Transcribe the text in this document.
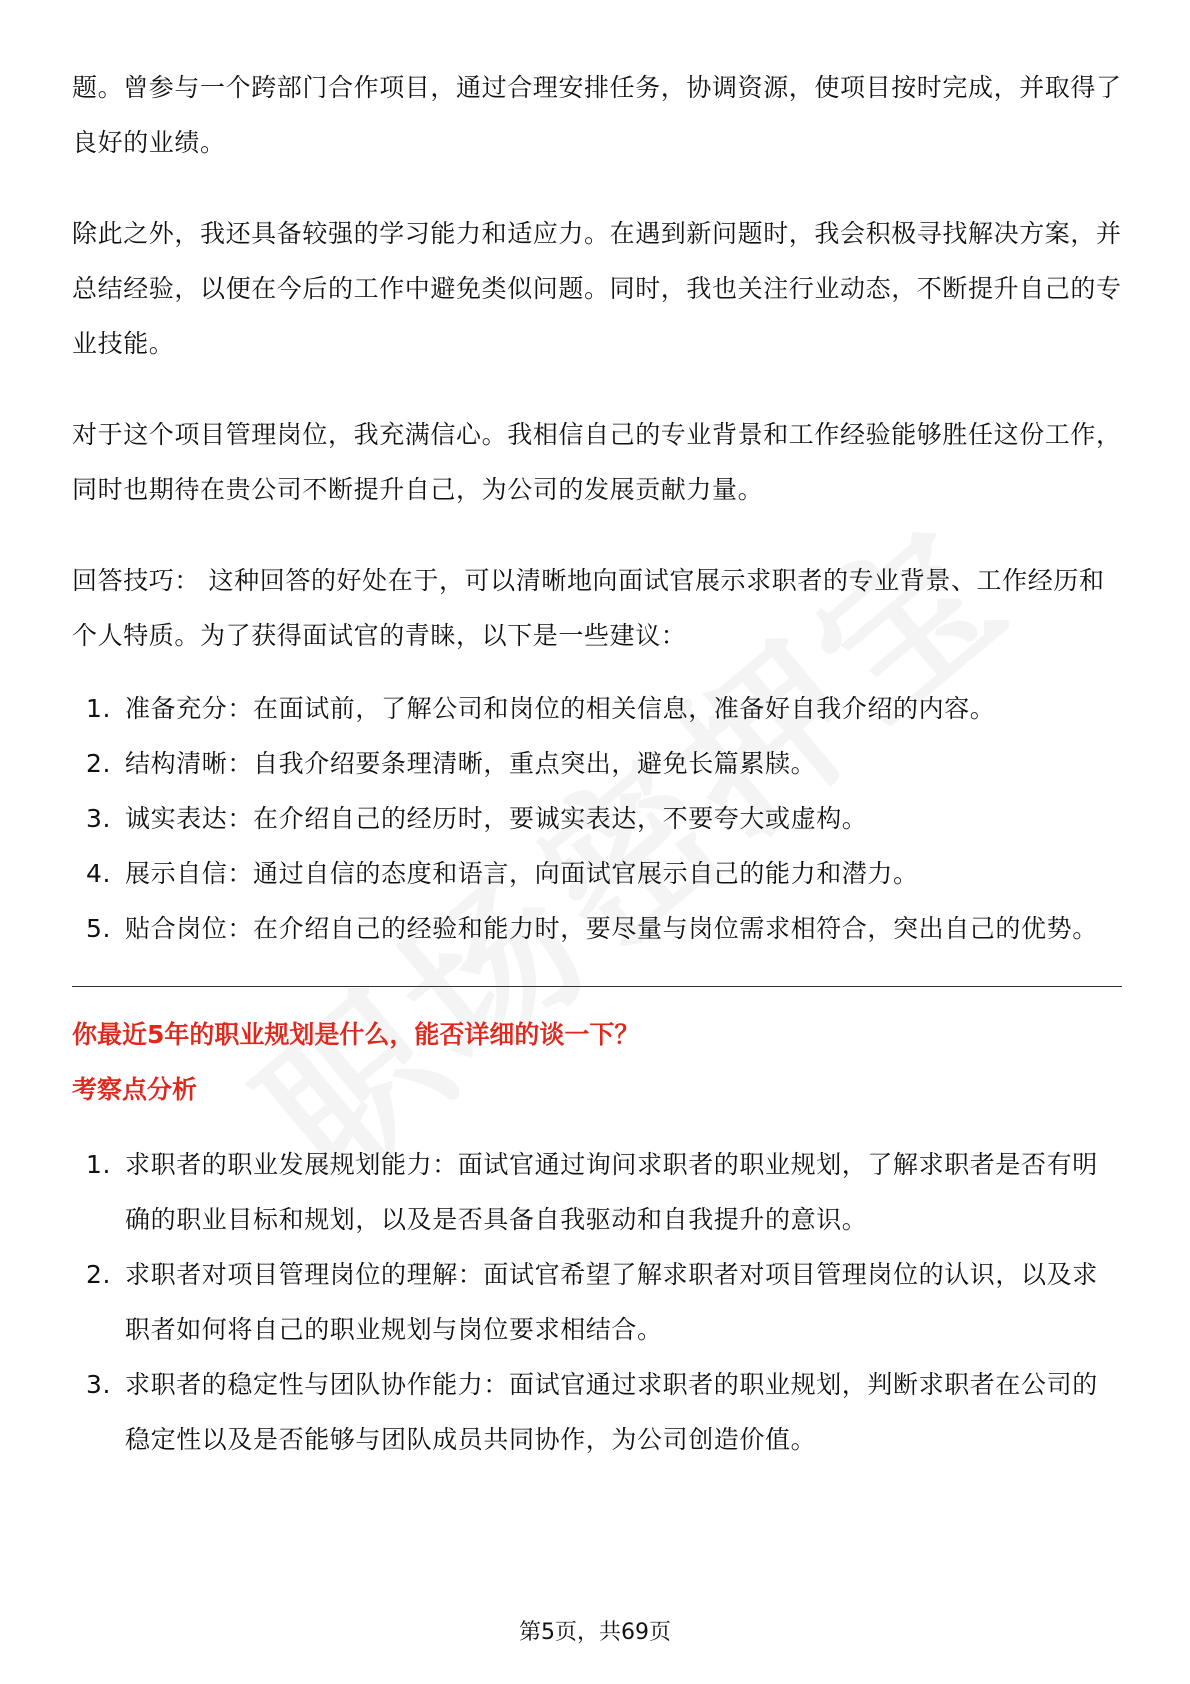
题。曾参与一个跨部门合作项目，通过合理安排任务，协调资源，使项目按时完成，并取得了良好的业绩。

除此之外，我还具备较强的学习能力和适应力。在遇到新问题时，我会积极寻找解决方案，并总结经验，以便在今后的工作中避免类似问题。同时，我也关注行业动态，不断提升自己的专业技能。

对于这个项目管理岗位，我充满信心。我相信自己的专业背景和工作经验能够胜任这份工作，同时也期待在贵公司不断提升自己，为公司的发展贡献力量。

回答技巧： 这种回答的好处在于，可以清晰地向面试官展示求职者的专业背景、工作经历和个人特质。为了获得面试官的青睐，以下是一些建议：

1. 准备充分：在面试前，了解公司和岗位的相关信息，准备好自我介绍的内容。
2. 结构清晰：自我介绍要条理清晰，重点突出，避免长篇累牍。
3. 诚实表达：在介绍自己的经历时，要诚实表达，不要夸大或虚构。
4. 展示自信：通过自信的态度和语言，向面试官展示自己的能力和潜力。
5. 贴合岗位：在介绍自己的经验和能力时，要尽量与岗位需求相符合，突出自己的优势。

你最近5年的职业规划是什么，能否详细的谈一下？

考察点分析

1. 求职者的职业发展规划能力：面试官通过询问求职者的职业规划，了解求职者是否有明确的职业目标和规划，以及是否具备自我驱动和自我提升的意识。
2. 求职者对项目管理岗位的理解：面试官希望了解求职者对项目管理岗位的认识，以及求职者如何将自己的职业规划与岗位要求相结合。
3. 求职者的稳定性与团队协作能力：面试官通过求职者的职业规划，判断求职者在公司的稳定性以及是否能够与团队成员共同协作，为公司创造价值。
第5页，共69页
